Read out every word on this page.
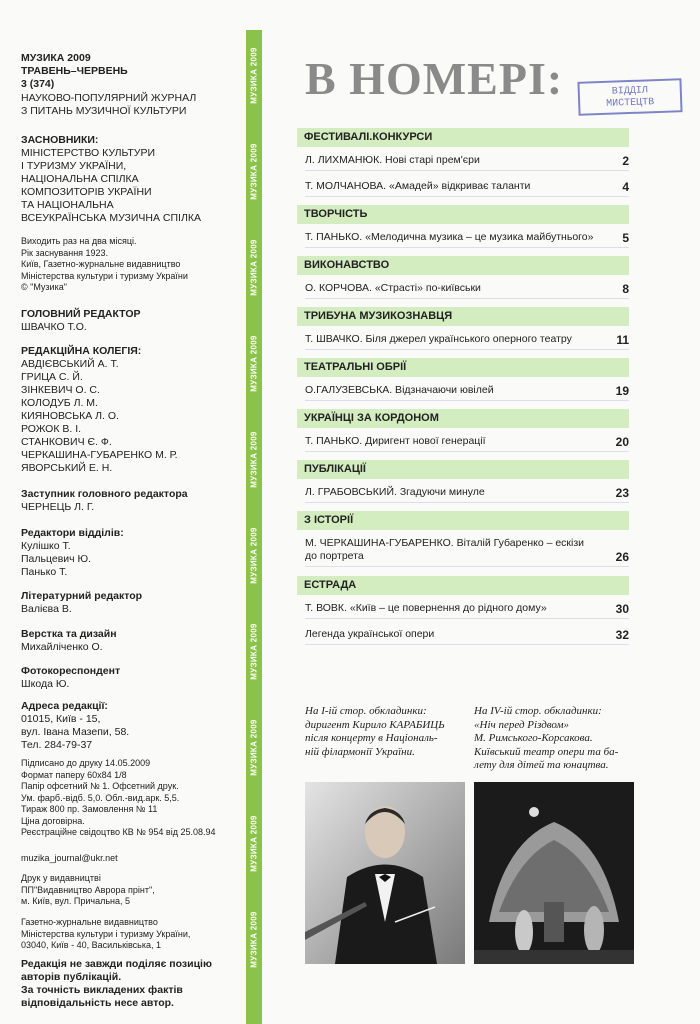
МУЗИКА 2009

ТРАВЕНЬ–ЧЕРВЕНЬ

3 (374)

НАУКОВО-ПОПУЛЯРНИЙ ЖУРНАЛ

З ПИТАНЬ МУЗИЧНОЇ КУЛЬТУРИ

ЗАСНОВНИКИ:

МІНІСТЕРСТВО КУЛЬТУРИ

І ТУРИЗМУ УКРАЇНИ,

НАЦІОНАЛЬНА СПІЛКА

КОМПОЗИТОРІВ УКРАЇНИ

ТА НАЦІОНАЛЬНА

ВСЕУКРАЇНСЬКА МУЗИЧНА СПІЛКА

Виходить раз на два місяці.

Рік заснування 1923.

Київ, Газетно-журнальне видавництво

Міністерства культури і туризму України

© "Музика"

ГОЛОВНИЙ РЕДАКТОР
ШВАЧКО Т.О.
РЕДАКЦІЙНА КОЛЕГІЯ:

АВДІЄВСЬКИЙ А. Т.

ГРИЦА С. Й.

ЗІНКЕВИЧ О. С.

КОЛОДУБ Л. М.

КИЯНОВСЬКА Л. О.

РОЖОК В. І.

СТАНКОВИЧ Є. Ф.

ЧЕРКАШИНА-ГУБАРЕНКО М. Р.

ЯВОРСЬКИЙ Е. Н.

Заступник головного редактора
ЧЕРНЕЦЬ Л. Г.
Редактори відділів:

Кулішко Т.

Пальцевич Ю.

Панько Т.

Літературний редактор
Валієва В.
Верстка та дизайн
Михайліченко О.
Фотокореспондент
Шкода Ю.
Адреса редакції:

01015, Київ - 15,

вул. Івана Мазепи, 58.

Тел. 284-79-37

Підписано до друку 14.05.2009

Формат паперу 60х84 1/8

Папір офсетний № 1. Офсетний друк.

Ум. фарб.-відб. 5,0. Обл.-вид.арк. 5,5.

Тираж 800 пр. Замовлення № 11

Ціна договірна.

Реєстраційне свідоцтво КВ № 954 від 25.08.94

muzika_journal@ukr.net

Друк у видавництві

ПП"Видавництво Аврора прінт",

м. Київ, вул. Причальна, 5

Газетно-журнальне видавництво

Міністерства культури і туризму України,

03040, Київ - 40, Васильківська, 1

Редакція не завжди поділяє позицію

авторів публікацій.

За точність викладених фактів

відповідальність несе автор.

МУЗИКА 2009
МУЗИКА 2009
МУЗИКА 2009
МУЗИКА 2009
МУЗИКА 2009
МУЗИКА 2009
МУЗИКА 2009
МУЗИКА 2009
МУЗИКА 2009
МУЗИКА 2009
В НОМЕРІ:	ВІДДІЛ
МИСТЕЦТВ
ФЕСТИВАЛІ.КОНКУРСИ
Л. ЛИХМАНЮК. Нові старі прем'єри	2
Т. МОЛЧАНОВА. «Амадей» відкриває таланти	4
ТВОРЧІСТЬ
Т. ПАНЬКО. «Мелодична музика – це музика майбутнього» 5
ВИКОНАВСТВО
О. КОРЧОВА. «Страсті» по-київськи	8
ТРИБУНА МУЗИКОЗНАВЦЯ
Т. ШВАЧКО. Біля джерел українського оперного театру	11
ТЕАТРАЛЬНІ ОБРІЇ
О.ГАЛУЗЕВСЬКА. Відзначаючи ювілей	19
УКРАЇНЦІ ЗА КОРДОНОМ
Т. ПАНЬКО. Диригент нової генерації	20
ПУБЛІКАЦІЇ
Л. ГРАБОВСЬКИЙ. Згадуючи минуле	23
З ІСТОРІЇ
М. ЧЕРКАШИНА-ГУБАРЕНКО. Віталій Губаренко – ескізи до портрета	26
ЕСТРАДА
Т. ВОВК. «Київ – це повернення до рідного дому»	30
Легенда української опери	32
На І-ій стор. обкладинки:
диригент Кирило КАРАБИЦЬ
після концерту в Національ-
ній філармонії України.
На IV-ій стор. обкладинки:
«Ніч перед Різдвом»
М. Римського-Корсакова.
Київський театр опери та ба-
лету для дітей та юнацтва.
